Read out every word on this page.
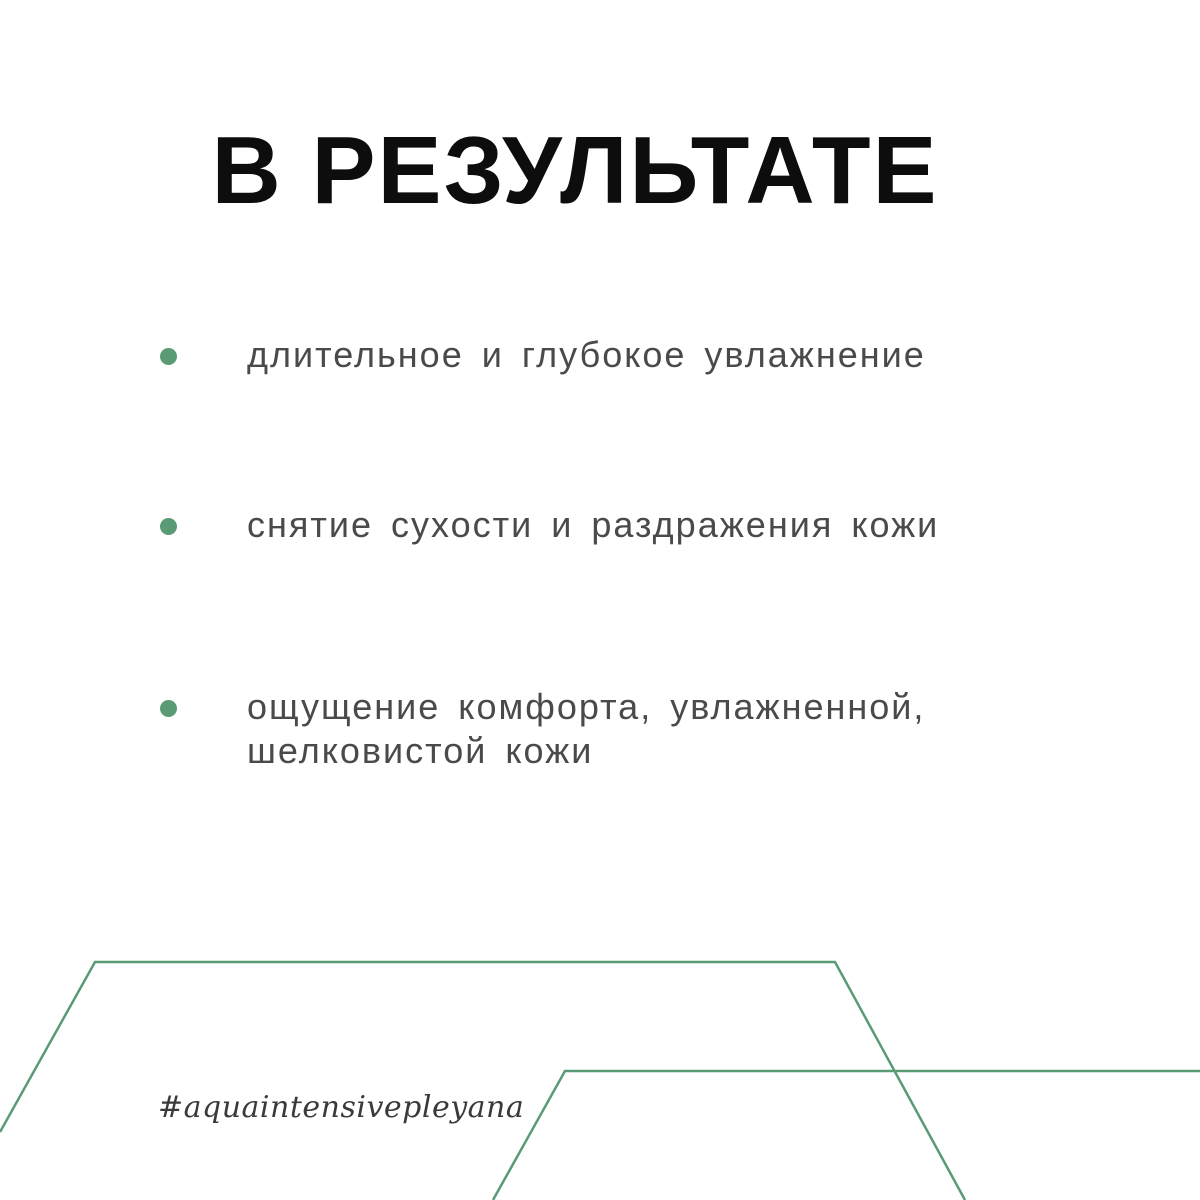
В РЕЗУЛЬТАТЕ
длительное и глубокое увлажнение
снятие сухости и раздражения кожи
ощущение комфорта, увлажненной, шелковистой кожи
#aquaintensivepleyana
